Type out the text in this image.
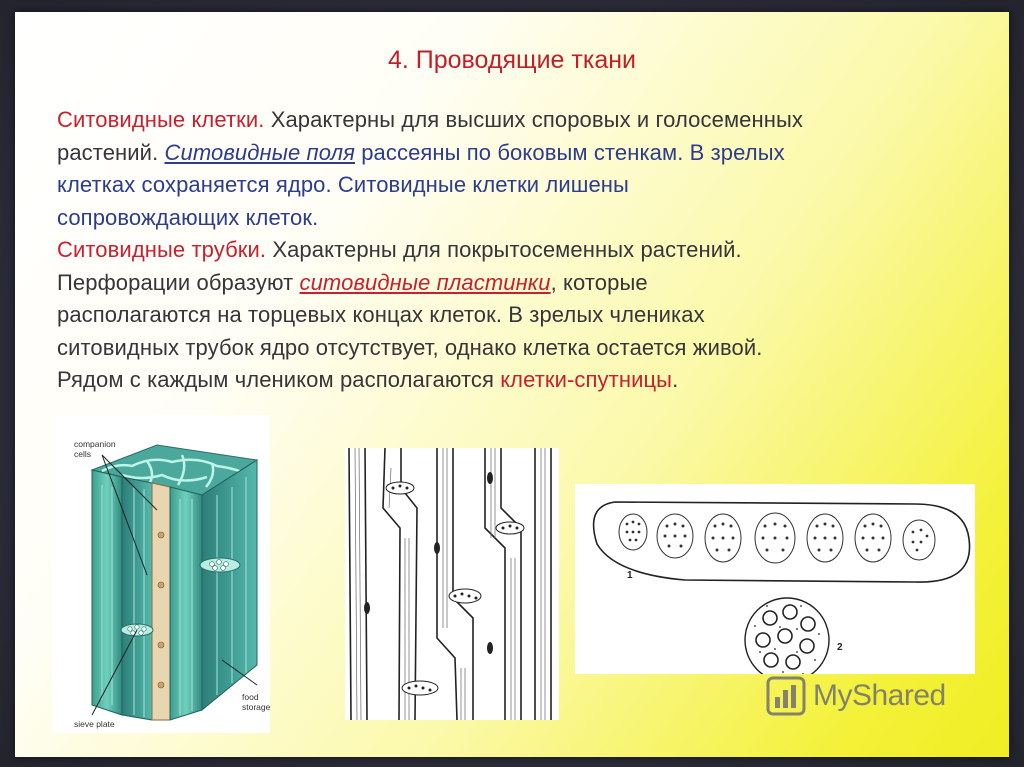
4. Проводящие ткани
Ситовидные клетки. Характерны для высших споровых и голосеменных
растений. Ситовидные поля рассеяны по боковым стенкам. В зрелых
клетках сохраняется ядро. Ситовидные клетки лишены
сопровождающих клеток.
Ситовидные трубки. Характерны для покрытосеменных растений.
Перфорации образуют ситовидные пластинки, которые
располагаются на торцевых концах клеток. В зрелых члениках
ситовидных трубок ядро отсутствует, однако клетка остается живой.
Рядом с каждым члеником располагаются клетки-спутницы.
companion
cells
sieve plate
food
storage
1
2
MyShared
